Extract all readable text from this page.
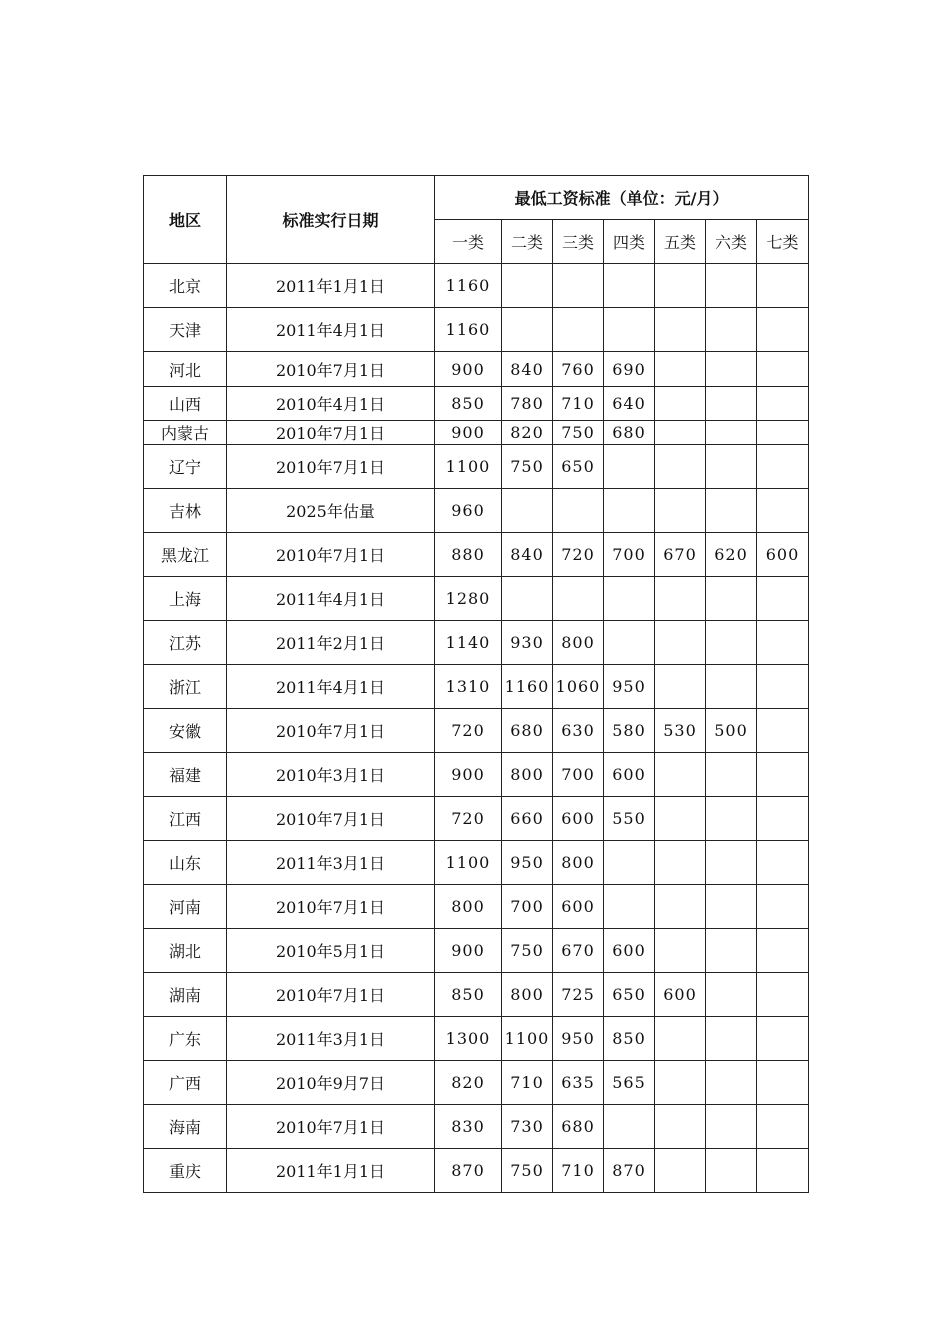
地区	标准实行日期	最低工资标准（单位：元/月）						
		一类	二类	三类	四类	五类	六类	七类
北京	2011年1月1日	1160						
天津	2011年4月1日	1160						
河北	2010年7月1日	900	840	760	690			
山西	2010年4月1日	850	780	710	640			
内蒙古	2010年7月1日	900	820	750	680			
辽宁	2010年7月1日	1100	750	650				
吉林	2025年估量	960						
黑龙江	2010年7月1日	880	840	720	700	670	620	600
上海	2011年4月1日	1280						
江苏	2011年2月1日	1140	930	800				
浙江	2011年4月1日	1310	1160	1060	950			
安徽	2010年7月1日	720	680	630	580	530	500	
福建	2010年3月1日	900	800	700	600			
江西	2010年7月1日	720	660	600	550			
山东	2011年3月1日	1100	950	800				
河南	2010年7月1日	800	700	600				
湖北	2010年5月1日	900	750	670	600			
湖南	2010年7月1日	850	800	725	650	600		
广东	2011年3月1日	1300	1100	950	850			
广西	2010年9月7日	820	710	635	565			
海南	2010年7月1日	830	730	680				
重庆	2011年1月1日	870	750	710	870			
